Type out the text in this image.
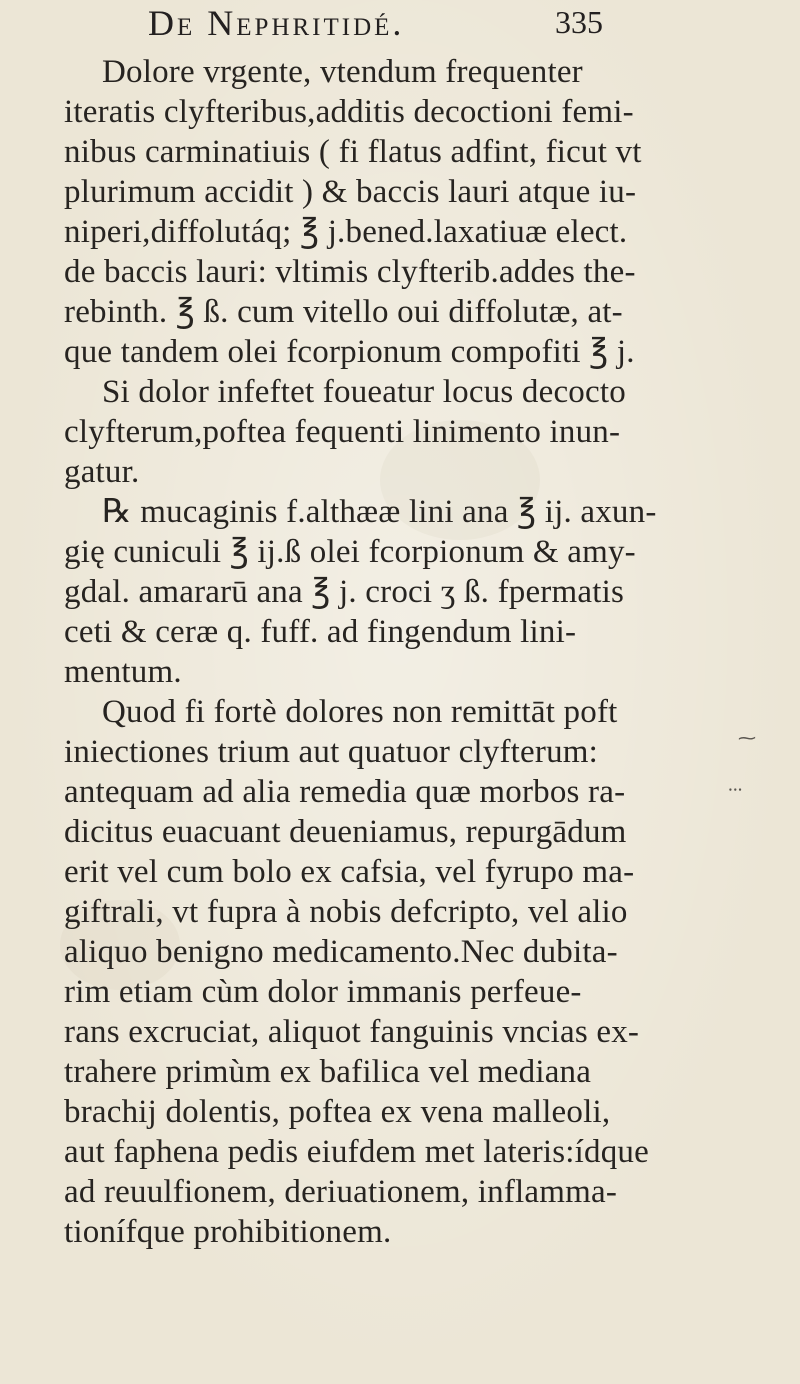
De Nephritidé.	335
Dolore vrgente, vtendum frequenter
iteratis clyfteribus,additis decoctioni femi-
nibus carminatiuis ( fi flatus adfint, ficut vt
plurimum accidit ) & baccis lauri atque iu-
niperi,diffolutáq; ℥ j.bened.laxatiuæ elect.
de baccis lauri: vltimis clyfterib.addes the-
rebinth. ℥ ß. cum vitello oui diffolutæ, at-
que tandem olei fcorpionum compofiti ℥ j.
Si dolor infeftet foueatur locus decocto
clyfterum,poftea fequenti linimento inun-
gatur.
℞ mucaginis f.althææ lini ana ℥ ij. axun-
gię cuniculi ℥ ij.ß olei fcorpionum & amy-
gdal. amararū ana ℥ j. croci ʒ ß. fpermatis
ceti & ceræ q. fuff. ad fingendum lini-
mentum.
Quod fi fortè dolores non remittāt poft
iniectiones trium aut quatuor clyfterum:
antequam ad alia remedia quæ morbos ra-
dicitus euacuant deueniamus, repurgādum
erit vel cum bolo ex cafsia, vel fyrupo ma-
giftrali, vt fupra à nobis defcripto, vel alio
aliquo benigno medicamento.Nec dubita-
rim etiam cùm dolor immanis perfeue-
rans excruciat, aliquot fanguinis vncias ex-
trahere primùm ex bafilica vel mediana
brachij dolentis, poftea ex vena malleoli,
aut faphena pedis eiufdem met lateris:ídque
ad reuulfionem, deriuationem, inflamma-
tionífque prohibitionem.
⁓
⸱⸱⸱
